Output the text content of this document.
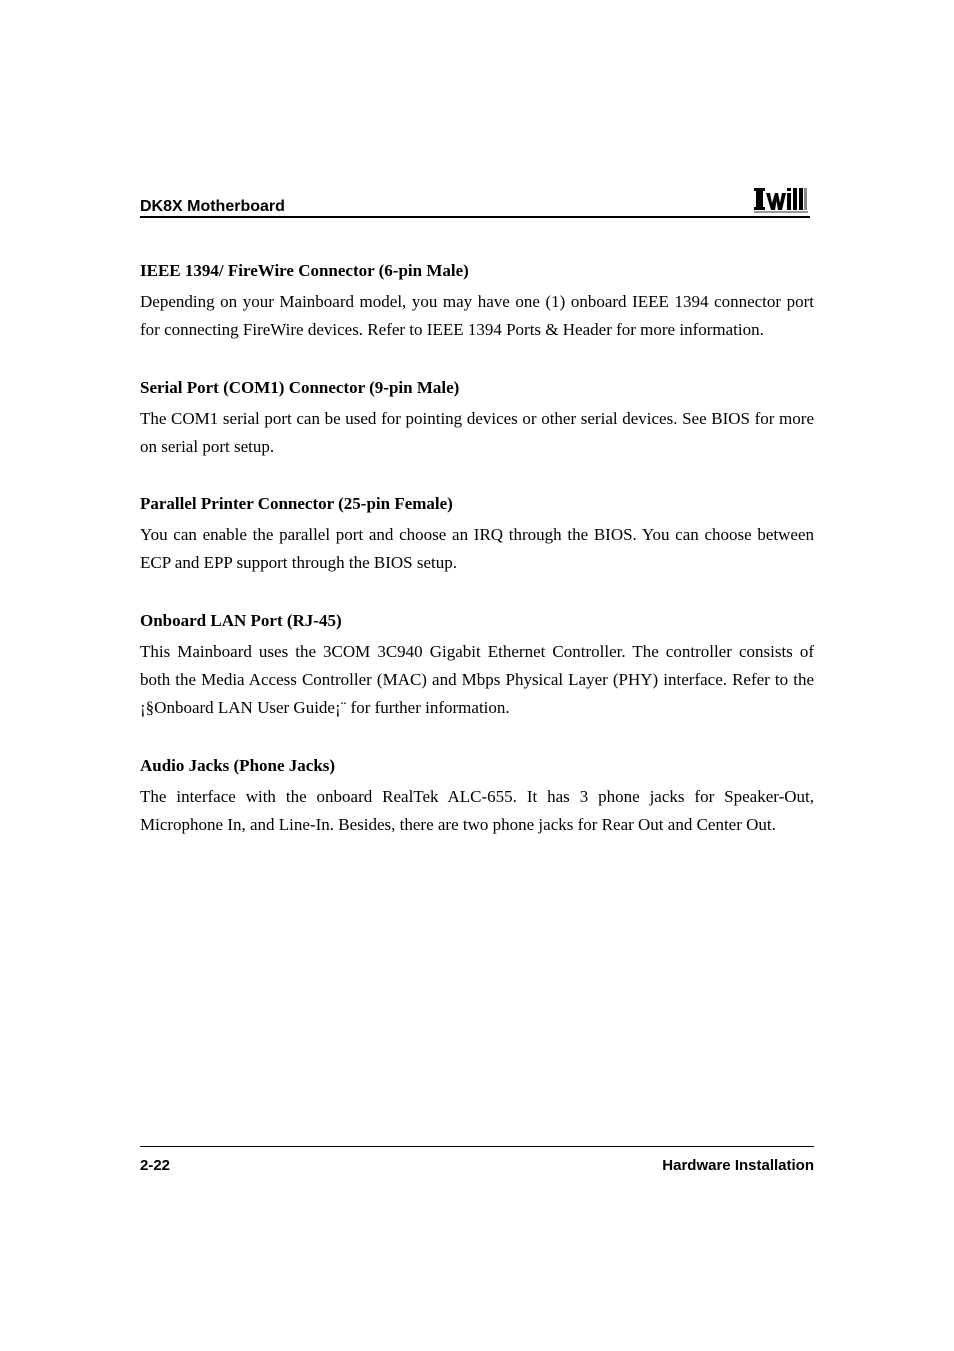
DK8X Motherboard
IEEE 1394/ FireWire Connector (6-pin Male)

Depending on your Mainboard model, you may have one (1) onboard IEEE 1394 connector port for connecting FireWire devices. Refer to IEEE 1394 Ports & Header for more information.

Serial Port (COM1) Connector (9-pin Male)

The COM1 serial port can be used for pointing devices or other serial devices. See BIOS for more on serial port setup.

Parallel Printer Connector (25-pin Female)

You can enable the parallel port and choose an IRQ through the BIOS. You can choose between ECP and EPP support through the BIOS setup.

Onboard LAN Port (RJ-45)

This Mainboard uses the 3COM 3C940 Gigabit Ethernet Controller. The controller consists of both the Media Access Controller (MAC) and Mbps Physical Layer (PHY) interface. Refer to the ¡§Onboard LAN User Guide¡¨ for further information.

Audio Jacks (Phone Jacks)

The interface with the onboard RealTek ALC-655. It has 3 phone jacks for Speaker-Out, Microphone In, and Line-In. Besides, there are two phone jacks for Rear Out and Center Out.

2-22	Hardware Installation
